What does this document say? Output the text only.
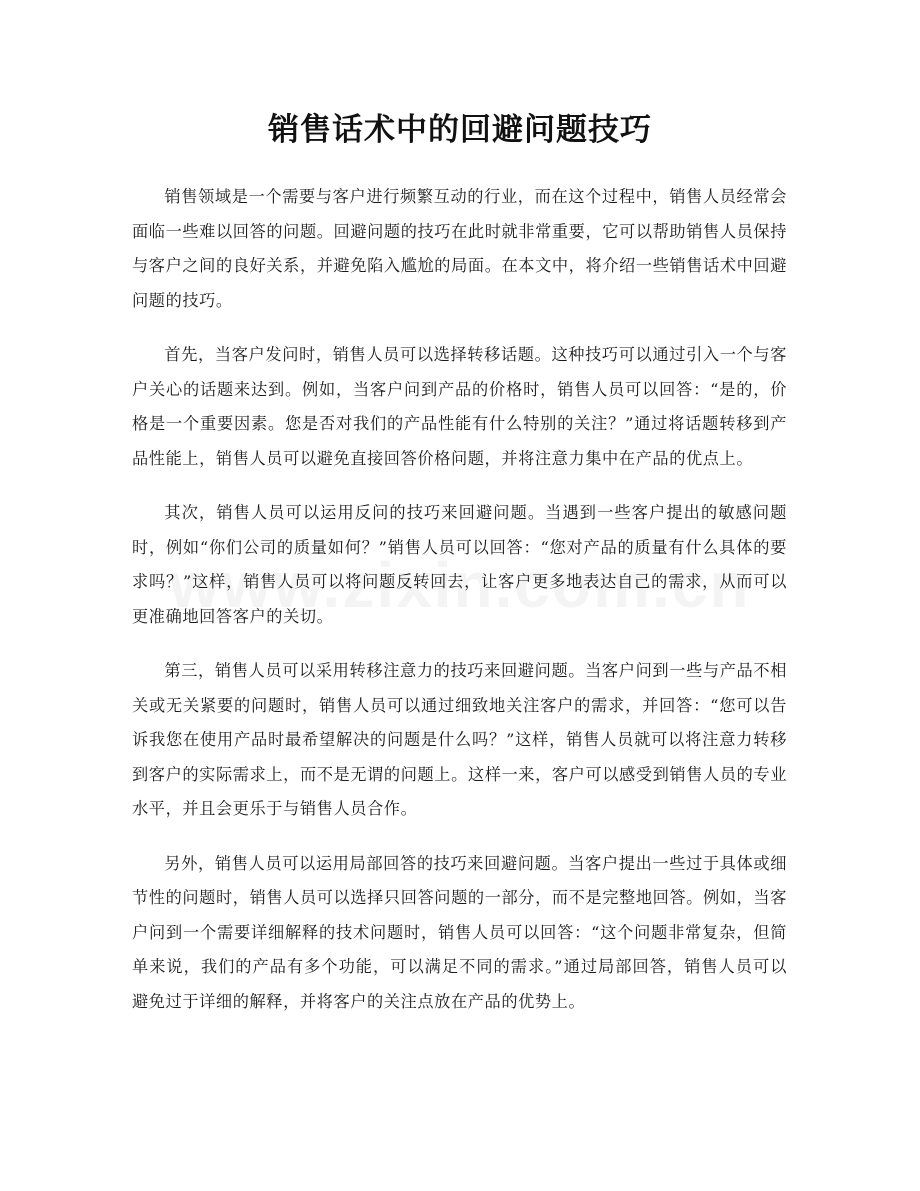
销售话术中的回避问题技巧

销售领域是一个需要与客户进行频繁互动的行业，而在这个过程中，销售人员经常会面临一些难以回答的问题。回避问题的技巧在此时就非常重要，它可以帮助销售人员保持与客户之间的良好关系，并避免陷入尴尬的局面。在本文中，将介绍一些销售话术中回避问题的技巧。

首先，当客户发问时，销售人员可以选择转移话题。这种技巧可以通过引入一个与客户关心的话题来达到。例如，当客户问到产品的价格时，销售人员可以回答：“是的，价格是一个重要因素。您是否对我们的产品性能有什么特别的关注？”通过将话题转移到产品性能上，销售人员可以避免直接回答价格问题，并将注意力集中在产品的优点上。

其次，销售人员可以运用反问的技巧来回避问题。当遇到一些客户提出的敏感问题时，例如“你们公司的质量如何？”销售人员可以回答：“您对产品的质量有什么具体的要求吗？”这样，销售人员可以将问题反转回去，让客户更多地表达自己的需求，从而可以更准确地回答客户的关切。

第三，销售人员可以采用转移注意力的技巧来回避问题。当客户问到一些与产品不相关或无关紧要的问题时，销售人员可以通过细致地关注客户的需求，并回答：“您可以告诉我您在使用产品时最希望解决的问题是什么吗？”这样，销售人员就可以将注意力转移到客户的实际需求上，而不是无谓的问题上。这样一来，客户可以感受到销售人员的专业水平，并且会更乐于与销售人员合作。

另外，销售人员可以运用局部回答的技巧来回避问题。当客户提出一些过于具体或细节性的问题时，销售人员可以选择只回答问题的一部分，而不是完整地回答。例如，当客户问到一个需要详细解释的技术问题时，销售人员可以回答：“这个问题非常复杂，但简单来说，我们的产品有多个功能，可以满足不同的需求。”通过局部回答，销售人员可以避免过于详细的解释，并将客户的关注点放在产品的优势上。
